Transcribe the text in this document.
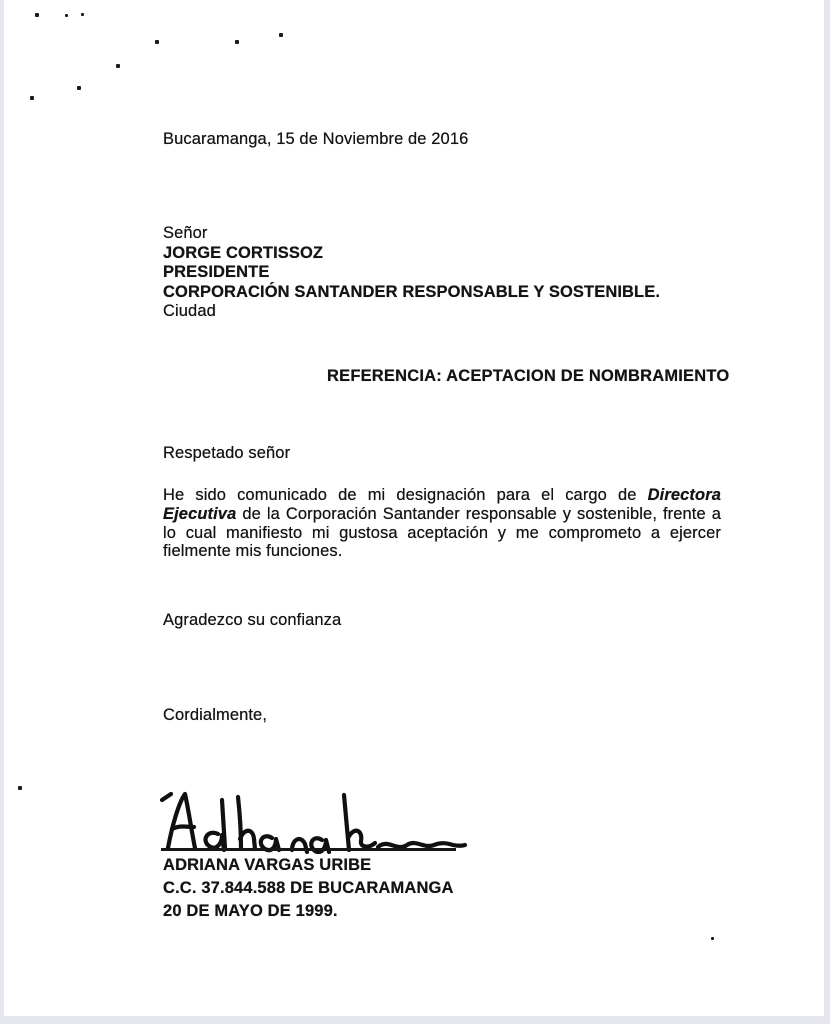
Bucaramanga, 15 de Noviembre de 2016
Señor
JORGE CORTISSOZ
PRESIDENTE
CORPORACIÓN SANTANDER RESPONSABLE Y SOSTENIBLE.
Ciudad
REFERENCIA: ACEPTACION DE NOMBRAMIENTO
Respetado señor
He sido comunicado de mi designación para el cargo de Directora Ejecutiva de la Corporación Santander responsable y sostenible, frente a lo cual manifiesto mi gustosa aceptación y me comprometo a ejercer fielmente mis funciones.
Agradezco su confianza
Cordialmente,
ADRIANA VARGAS URIBE
C.C. 37.844.588 DE BUCARAMANGA
20 DE MAYO DE 1999.
